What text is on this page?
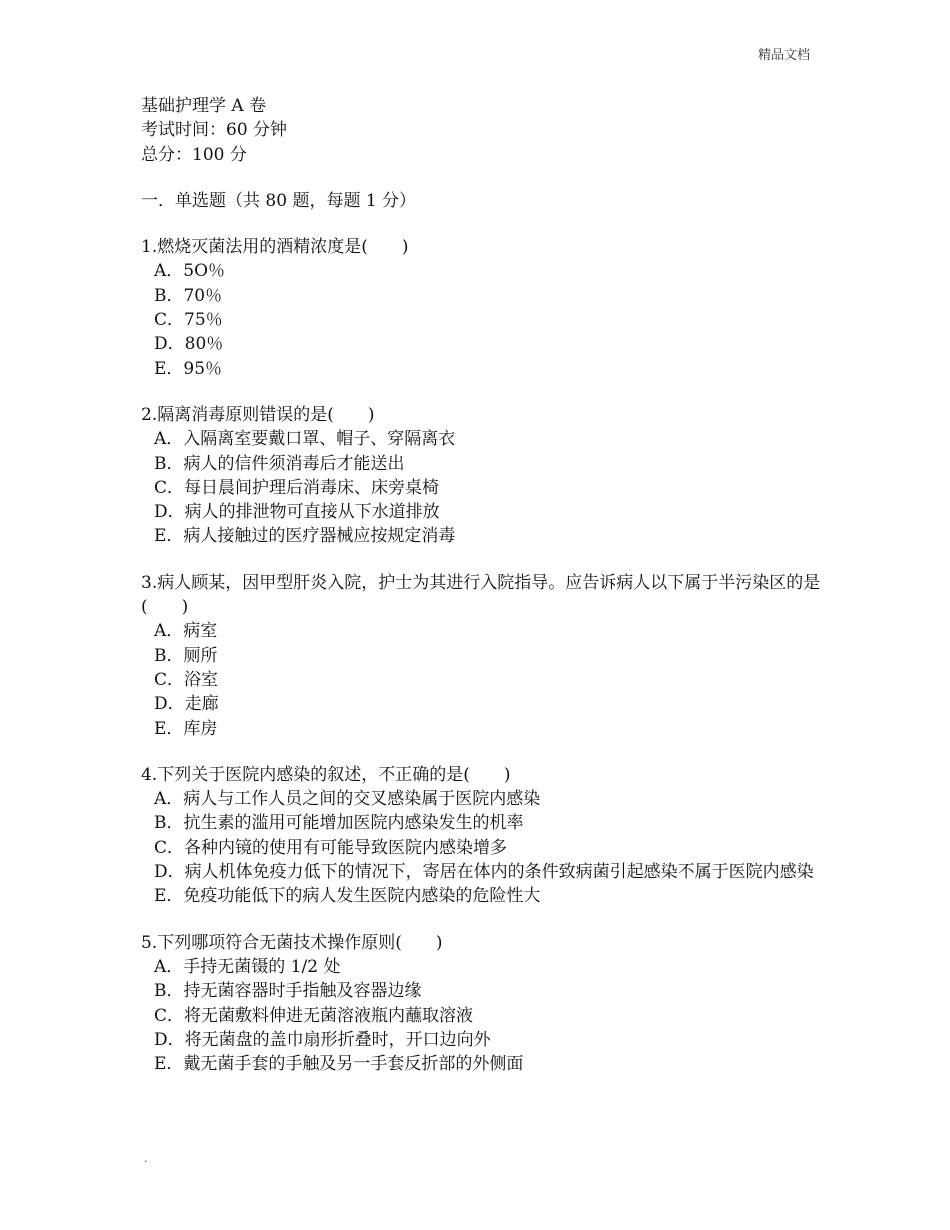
精品文档
基础护理学 A 卷
考试时间：60 分钟
总分：100 分
一．单选题（共 80 题，每题 1 分）
1.燃烧灭菌法用的酒精浓度是(　　)
A．5O％
B．70％
C．75％
D．80％
E．95％
2.隔离消毒原则错误的是(　　)
A．入隔离室要戴口罩、帽子、穿隔离衣
B．病人的信件须消毒后才能送出
C．每日晨间护理后消毒床、床旁桌椅
D．病人的排泄物可直接从下水道排放
E．病人接触过的医疗器械应按规定消毒
3.病人顾某，因甲型肝炎入院，护士为其进行入院指导。应告诉病人以下属于半污染区的是(　　)
A．病室
B．厕所
C．浴室
D．走廊
E．库房
4.下列关于医院内感染的叙述，不正确的是(　　)
A．病人与工作人员之间的交叉感染属于医院内感染
B．抗生素的滥用可能增加医院内感染发生的机率
C．各种内镜的使用有可能导致医院内感染增多
D．病人机体免疫力低下的情况下，寄居在体内的条件致病菌引起感染不属于医院内感染
E．免疫功能低下的病人发生医院内感染的危险性大
5.下列哪项符合无菌技术操作原则(　　)
A．手持无菌镊的 1/2 处
B．持无菌容器时手指触及容器边缘
C．将无菌敷料伸进无菌溶液瓶内蘸取溶液
D．将无菌盘的盖巾扇形折叠时，开口边向外
E．戴无菌手套的手触及另一手套反折部的外侧面
.
